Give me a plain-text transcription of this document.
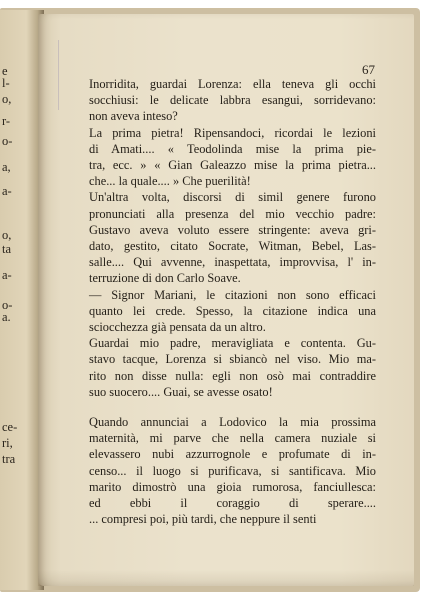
e
l-
o,
r-
o-
a,
a-
o,
ta
a-
o-
a.
ce-
ri,
tra
67
Inorridita, guardai Lorenza: ella teneva gli occhi
socchiusi: le delicate labbra esangui, sorridevano:
non aveva inteso?
La prima pietra! Ripensandoci, ricordai le lezioni
di Amati.... « Teodolinda mise la prima pie-
tra, ecc. » « Gian Galeazzo mise la prima pietra...
che... la quale.... » Che puerilità!
Un'altra volta, discorsi di simil genere furono
pronunciati alla presenza del mio vecchio padre:
Gustavo aveva voluto essere stringente: aveva gri-
dato, gestito, citato Socrate, Witman, Bebel, Las-
salle.... Qui avvenne, inaspettata, improvvisa, l' in-
terruzione di don Carlo Soave.
— Signor Mariani, le citazioni non sono efficaci
quanto lei crede. Spesso, la citazione indica una
sciocchezza già pensata da un altro.
Guardai mio padre, meravigliata e contenta. Gu-
stavo tacque, Lorenza si sbiancò nel viso. Mio ma-
rito non disse nulla: egli non osò mai contraddire
suo suocero.... Guai, se avesse osato!
Quando annunciai a Lodovico la mia prossima
maternità, mi parve che nella camera nuziale si
elevassero nubi azzurrognole e profumate di in-
censo... il luogo si purificava, si santificava. Mio
marito dimostrò una gioia rumorosa, fanciullesca:
ed ebbi il coraggio di sperare....
... compresi poi, più tardi, che neppure il senti
